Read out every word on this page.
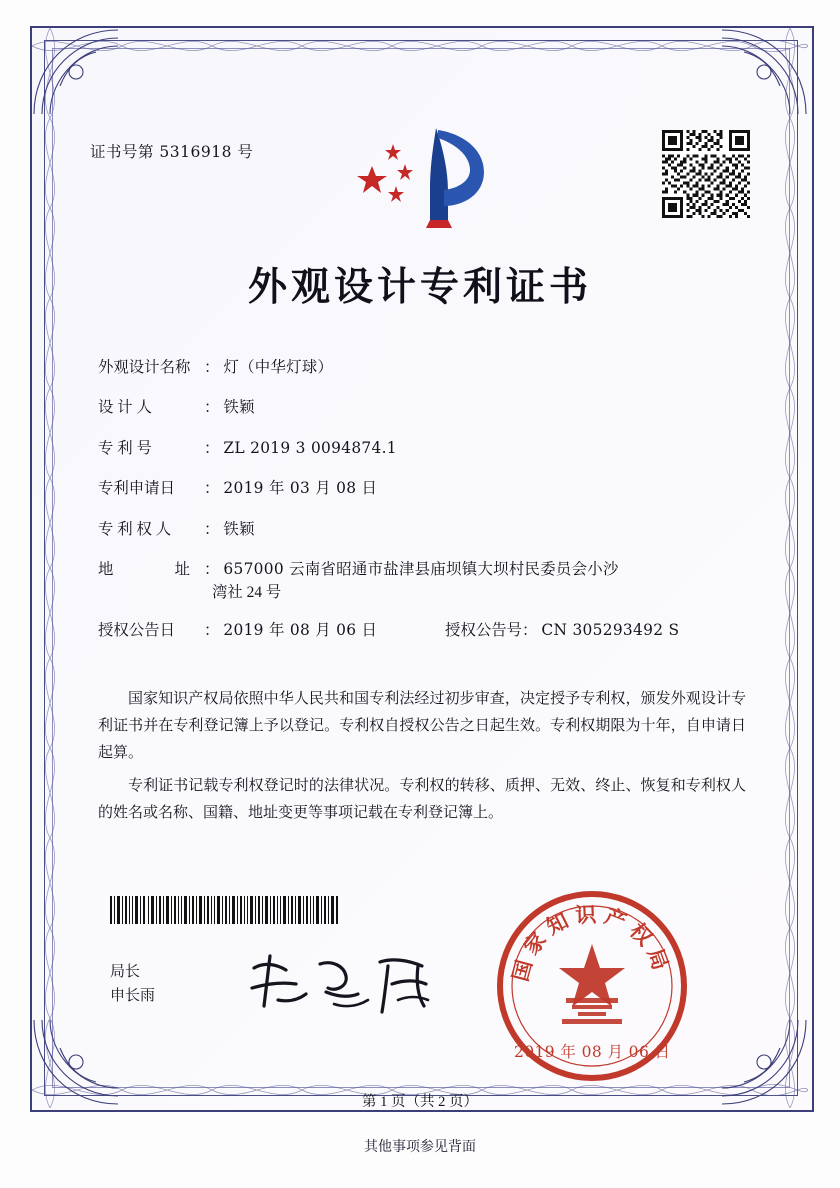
证书号第 5316918 号
外观设计专利证书
外观设计名称 ： 灯（中华灯球）
设 计 人	： 铁颖
专 利 号	： ZL 2019 3 0094874.1
专利申请日 ： 2019 年 03 月 08 日
专 利 权 人 ： 铁颖
地 址 ： 657000 云南省昭通市盐津县庙坝镇大坝村民委员会小沙
湾社 24 号
授权公告日 ： 2019 年 08 月 06 日	授权公告号： CN 305293492 S

国家知识产权局依照中华人民共和国专利法经过初步审查，决定授予专利权，颁发外观设计专利证书并在专利登记簿上予以登记。专利权自授权公告之日起生效。专利权期限为十年，自申请日起算。

专利证书记载专利权登记时的法律状况。专利权的转移、质押、无效、终止、恢复和专利权人的姓名或名称、国籍、地址变更等事项记载在专利登记簿上。

局长
申长雨
国家知识产权局
2019 年 08 月 06 日
第 1 页（共 2 页）
其他事项参见背面
